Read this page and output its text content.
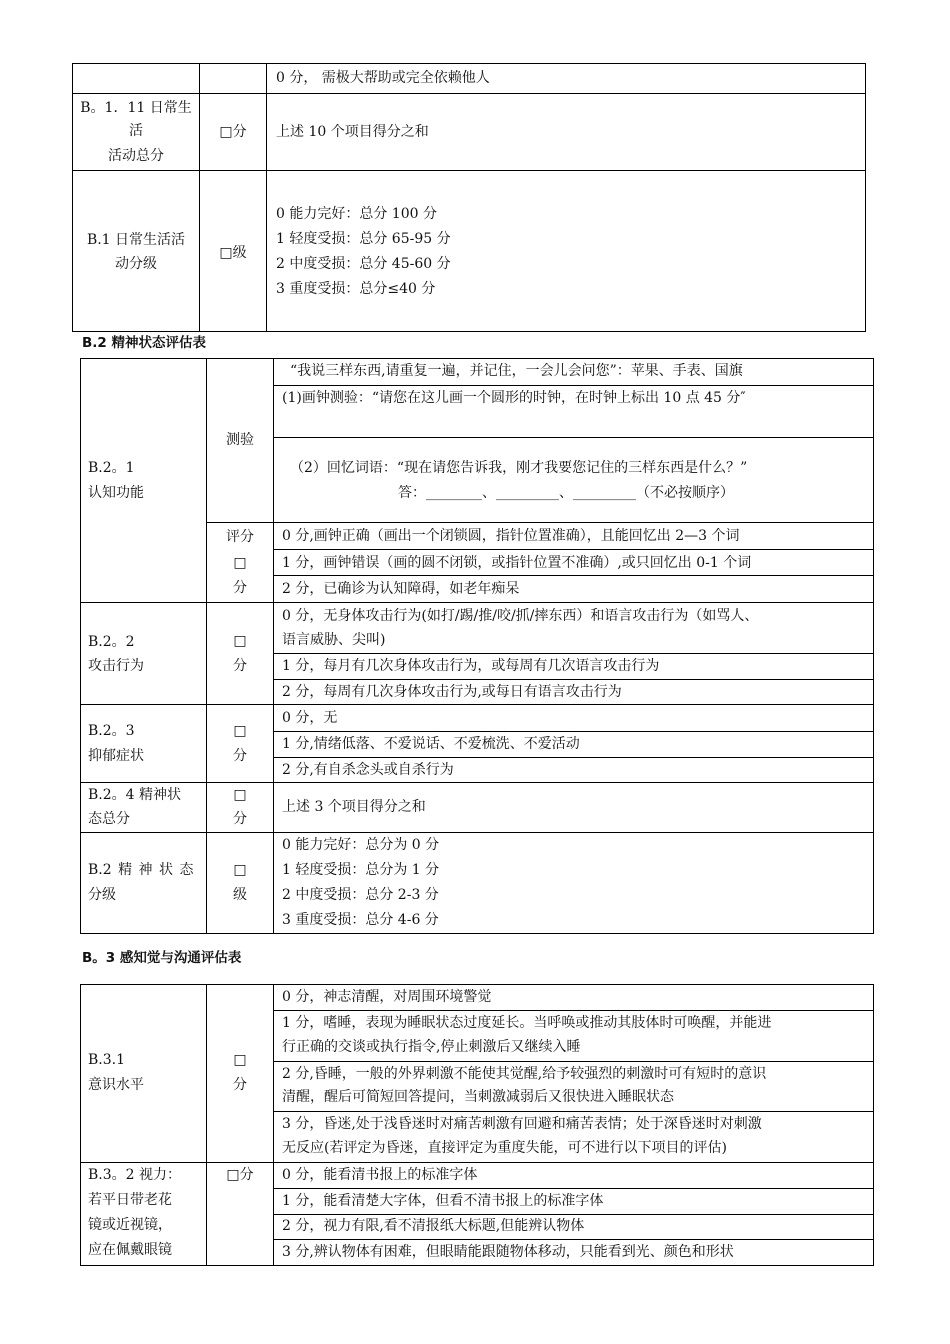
0 分， 需极大帮助或完全依赖他人
B。1．11 日常生
活
活动总分
□分	上述 10 个项目得分之和
B.1 日常生活活
动分级
□级
0 能力完好：总分 100 分
1 轻度受损：总分 65-95 分
2 中度受损：总分 45-60 分
3 重度受损：总分≤40 分
B.2 精神状态评估表
B.2。1
认知功能
测验
“我说三样东西,请重复一遍，并记住，一会儿会问您”：苹果、手表、国旗
(1)画钟测验：“请您在这儿画一个圆形的时钟，在时钟上标出 10 点 45 分″
（2）回忆词语：“现在请您告诉我，刚才我要您记住的三样东西是什么？”
答：________、_________、_________（不必按顺序）
评分
□
分
0 分,画钟正确（画出一个闭锁圆，指针位置准确），且能回忆出 2—3 个词
1 分，画钟错误（画的圆不闭锁，或指针位置不准确）,或只回忆出 0-1 个词
2 分，已确诊为认知障碍，如老年痴呆
B.2。2
攻击行为
□
分
0 分，无身体攻击行为(如打/踢/推/咬/抓/摔东西）和语言攻击行为（如骂人、
语言威胁、尖叫)
1 分，每月有几次身体攻击行为，或每周有几次语言攻击行为
2 分，每周有几次身体攻击行为,或每日有语言攻击行为
B.2。3
抑郁症状
□
分
0 分，无
1 分,情绪低落、不爱说话、不爱梳洗、不爱活动
2 分,有自杀念头或自杀行为
B.2。4 精神状
态总分
□
分
上述 3 个项目得分之和
B.2 精 神 状 态
分级
□
级
0 能力完好：总分为 0 分
1 轻度受损：总分为 1 分
2 中度受损：总分 2-3 分
3 重度受损：总分 4-6 分
B。3 感知觉与沟通评估表
B.3.1
意识水平
□
分
0 分，神志清醒，对周围环境警觉
1 分，嗜睡，表现为睡眠状态过度延长。当呼唤或推动其肢体时可唤醒，并能进
行正确的交谈或执行指令,停止刺激后又继续入睡
2 分,昏睡，一般的外界刺激不能使其觉醒,给予较强烈的刺激时可有短时的意识
清醒，醒后可简短回答提问，当刺激减弱后又很快进入睡眠状态
3 分，昏迷,处于浅昏迷时对痛苦刺激有回避和痛苦表情；处于深昏迷时对刺激
无反应(若评定为昏迷，直接评定为重度失能，可不进行以下项目的评估)
B.3。2 视力：
若平日带老花
镜或近视镜，
应在佩戴眼镜
□分	0 分，能看清书报上的标准字体
1 分，能看清楚大字体，但看不清书报上的标准字体
2 分，视力有限,看不清报纸大标题,但能辨认物体
3 分,辨认物体有困难，但眼睛能跟随物体移动，只能看到光、颜色和形状
